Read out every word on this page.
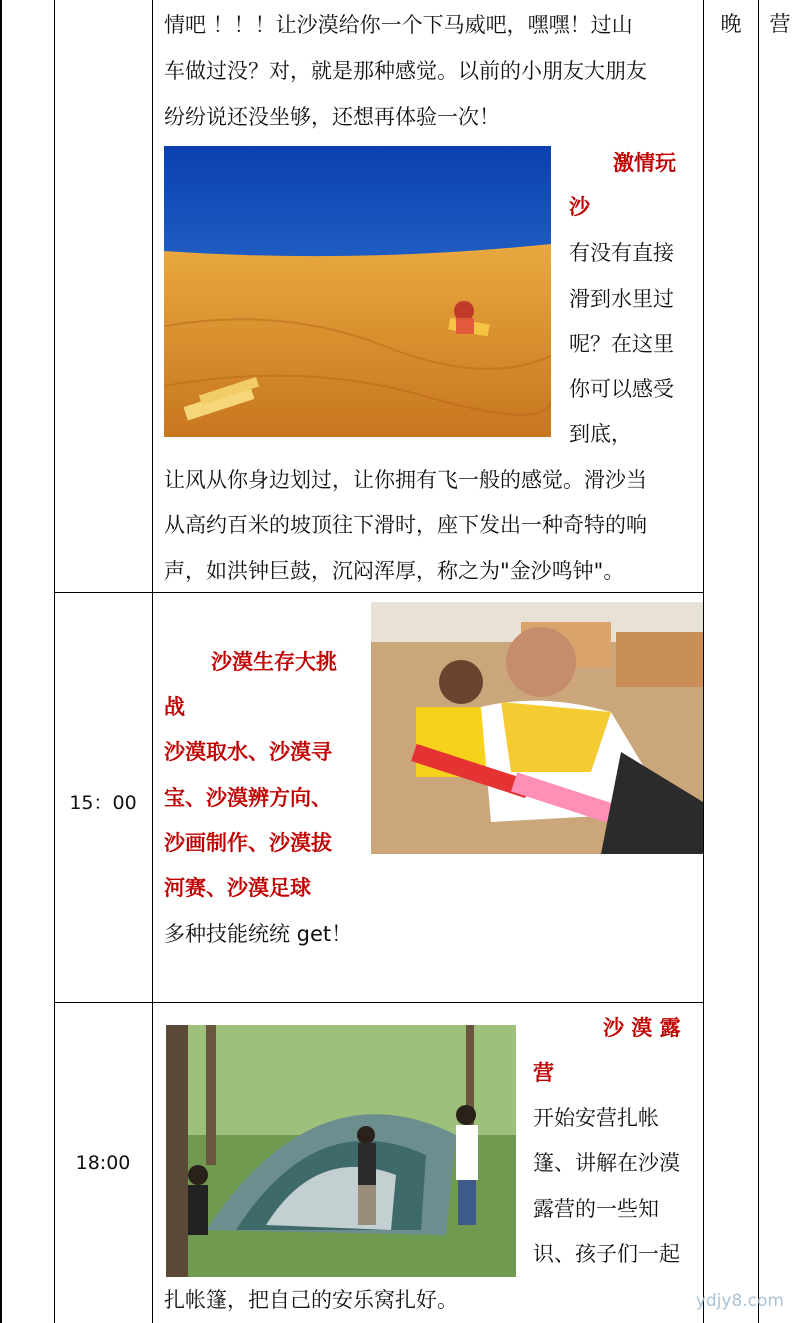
晚	营
情吧 ！！！让沙漠给你一个下马威吧，嘿嘿！过山
车做过没？对，就是那种感觉。以前的小朋友大朋友
纷纷说还没坐够，还想再体验一次！
激情玩
沙
有没有直接
滑到水里过
呢？在这里
你可以感受
到底，
让风从你身边划过，让你拥有飞一般的感觉。滑沙当
从高约百米的坡顶往下滑时，座下发出一种奇特的响
声，如洪钟巨鼓，沉闷浑厚，称之为"金沙鸣钟"。
15：00
沙漠生存大挑
战
沙漠取水、沙漠寻
宝、沙漠辨方向、
沙画制作、沙漠拔
河赛、沙漠足球
多种技能统统 get！
18:00
沙 漠 露
营
开始安营扎帐
篷、讲解在沙漠
露营的一些知
识、孩子们一起
扎帐篷，把自己的安乐窝扎好。	ydjy8.com
